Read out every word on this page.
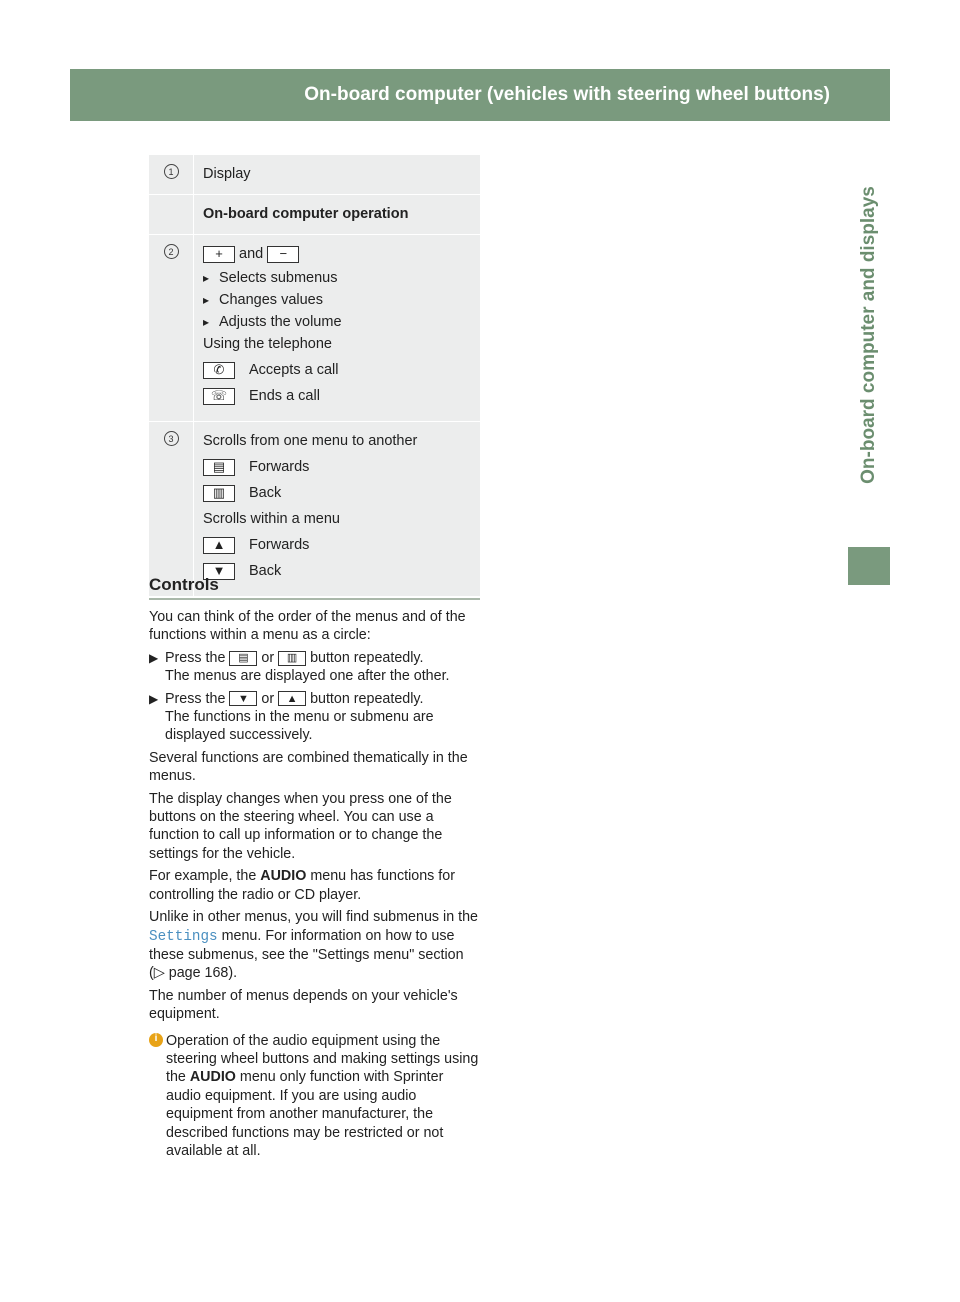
On-board computer (vehicles with steering wheel buttons)	165
On-board computer and displays
1	Display
On-board computer operation
2	+ and −
▸ Selects submenus
▸ Changes values
▸ Adjusts the volume
Using the telephone
✆	Accepts a call
☏	Ends a call
3	Scrolls from one menu to another
▤	Forwards
▥	Back
Scrolls within a menu
▲	Forwards
▼	Back
Controls

You can think of the order of the menus and of the functions within a menu as a circle:

▶ Press the ▤ or ▥ button repeatedly.
The menus are displayed one after the other.
▶ Press the ▼ or ▲ button repeatedly.
The functions in the menu or submenu are displayed successively.

Several functions are combined thematically in the menus.

The display changes when you press one of the buttons on the steering wheel. You can use a function to call up information or to change the settings for the vehicle.

For example, the AUDIO menu has functions for controlling the radio or CD player.

Unlike in other menus, you will find submenus in the Settings menu. For information on how to use these submenus, see the "Settings menu" section (▷ page 168).

The number of menus depends on your vehicle's equipment.

i Operation of the audio equipment using the steering wheel buttons and making settings using the AUDIO menu only function with Sprinter audio equipment. If you are using audio equipment from another manufacturer, the described functions may be restricted or not available at all.
